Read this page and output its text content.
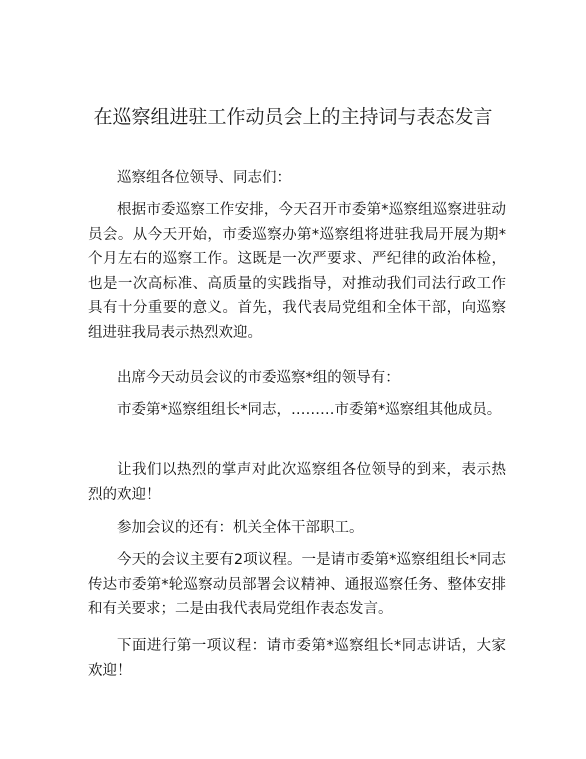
在巡察组进驻工作动员会上的主持词与表态发言

巡察组各位领导、同志们：

根据市委巡察工作安排，今天召开市委第*巡察组巡察进驻动员会。从今天开始，市委巡察办第*巡察组将进驻我局开展为期*个月左右的巡察工作。这既是一次严要求、严纪律的政治体检，也是一次高标准、高质量的实践指导，对推动我们司法行政工作具有十分重要的意义。首先，我代表局党组和全体干部，向巡察组进驻我局表示热烈欢迎。

出席今天动员会议的市委巡察*组的领导有：

市委第*巡察组组长*同志，………市委第*巡察组其他成员。

让我们以热烈的掌声对此次巡察组各位领导的到来，表示热烈的欢迎！

参加会议的还有：机关全体干部职工。

今天的会议主要有2项议程。一是请市委第*巡察组组长*同志传达市委第*轮巡察动员部署会议精神、通报巡察任务、整体安排和有关要求；二是由我代表局党组作表态发言。

下面进行第一项议程：请市委第*巡察组长*同志讲话，大家欢迎！
